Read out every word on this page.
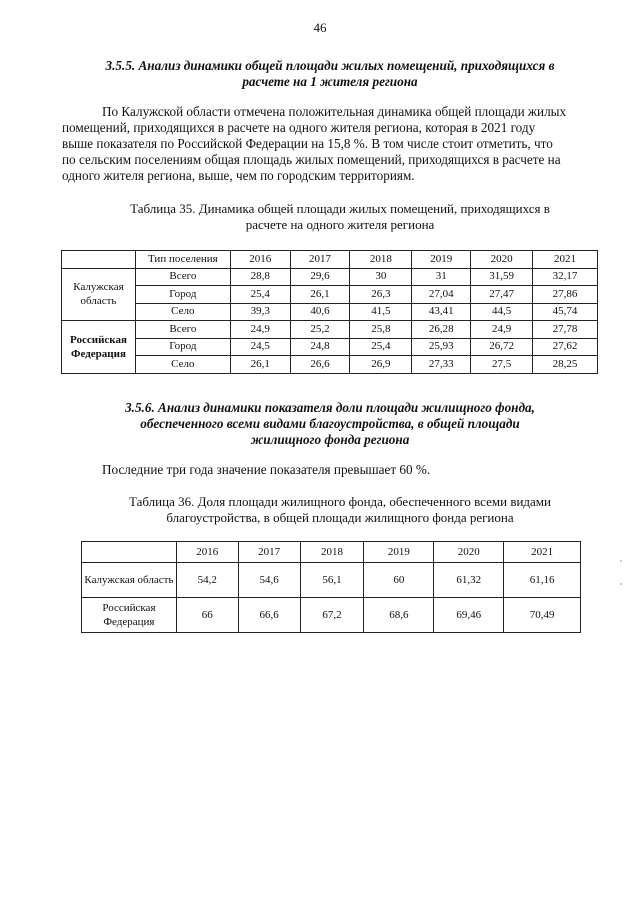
46
3.5.5. Анализ динамики общей площади жилых помещений, приходящихся в
расчете на 1 жителя региона
По Калужской области отмечена положительная динамика общей площади жилых
помещений, приходящихся в расчете на одного жителя региона, которая в 2021 году
выше показателя по Российской Федерации на 15,8 %. В том числе стоит отметить, что
по сельским поселениям общая площадь жилых помещений, приходящихся в расчете на
одного жителя региона, выше, чем по городским территориям.
Таблица 35. Динамика общей площади жилых помещений, приходящихся в
расчете на одного жителя региона
	Тип поселения	2016	2017	2018	2019	2020	2021
Калужская область	Всего	28,8	29,6	30	31	31,59	32,17
	Город	25,4	26,1	26,3	27,04	27,47	27,86
	Село	39,3	40,6	41,5	43,41	44,5	45,74
Российская Федерация	Всего	24,9	25,2	25,8	26,28	24,9	27,78
	Город	24,5	24,8	25,4	25,93	26,72	27,62
	Село	26,1	26,6	26,9	27,33	27,5	28,25
3.5.6. Анализ динамики показателя доли площади жилищного фонда,
обеспеченного всеми видами благоустройства, в общей площади
жилищного фонда региона
Последние три года значение показателя превышает 60 %.
Таблица 36. Доля площади жилищного фонда, обеспеченного всеми видами
благоустройства, в общей площади жилищного фонда региона
	2016	2017	2018	2019	2020	2021
Калужская область	54,2	54,6	56,1	60	61,32	61,16
Российская Федерация	66	66,6	67,2	68,6	69,46	70,49
